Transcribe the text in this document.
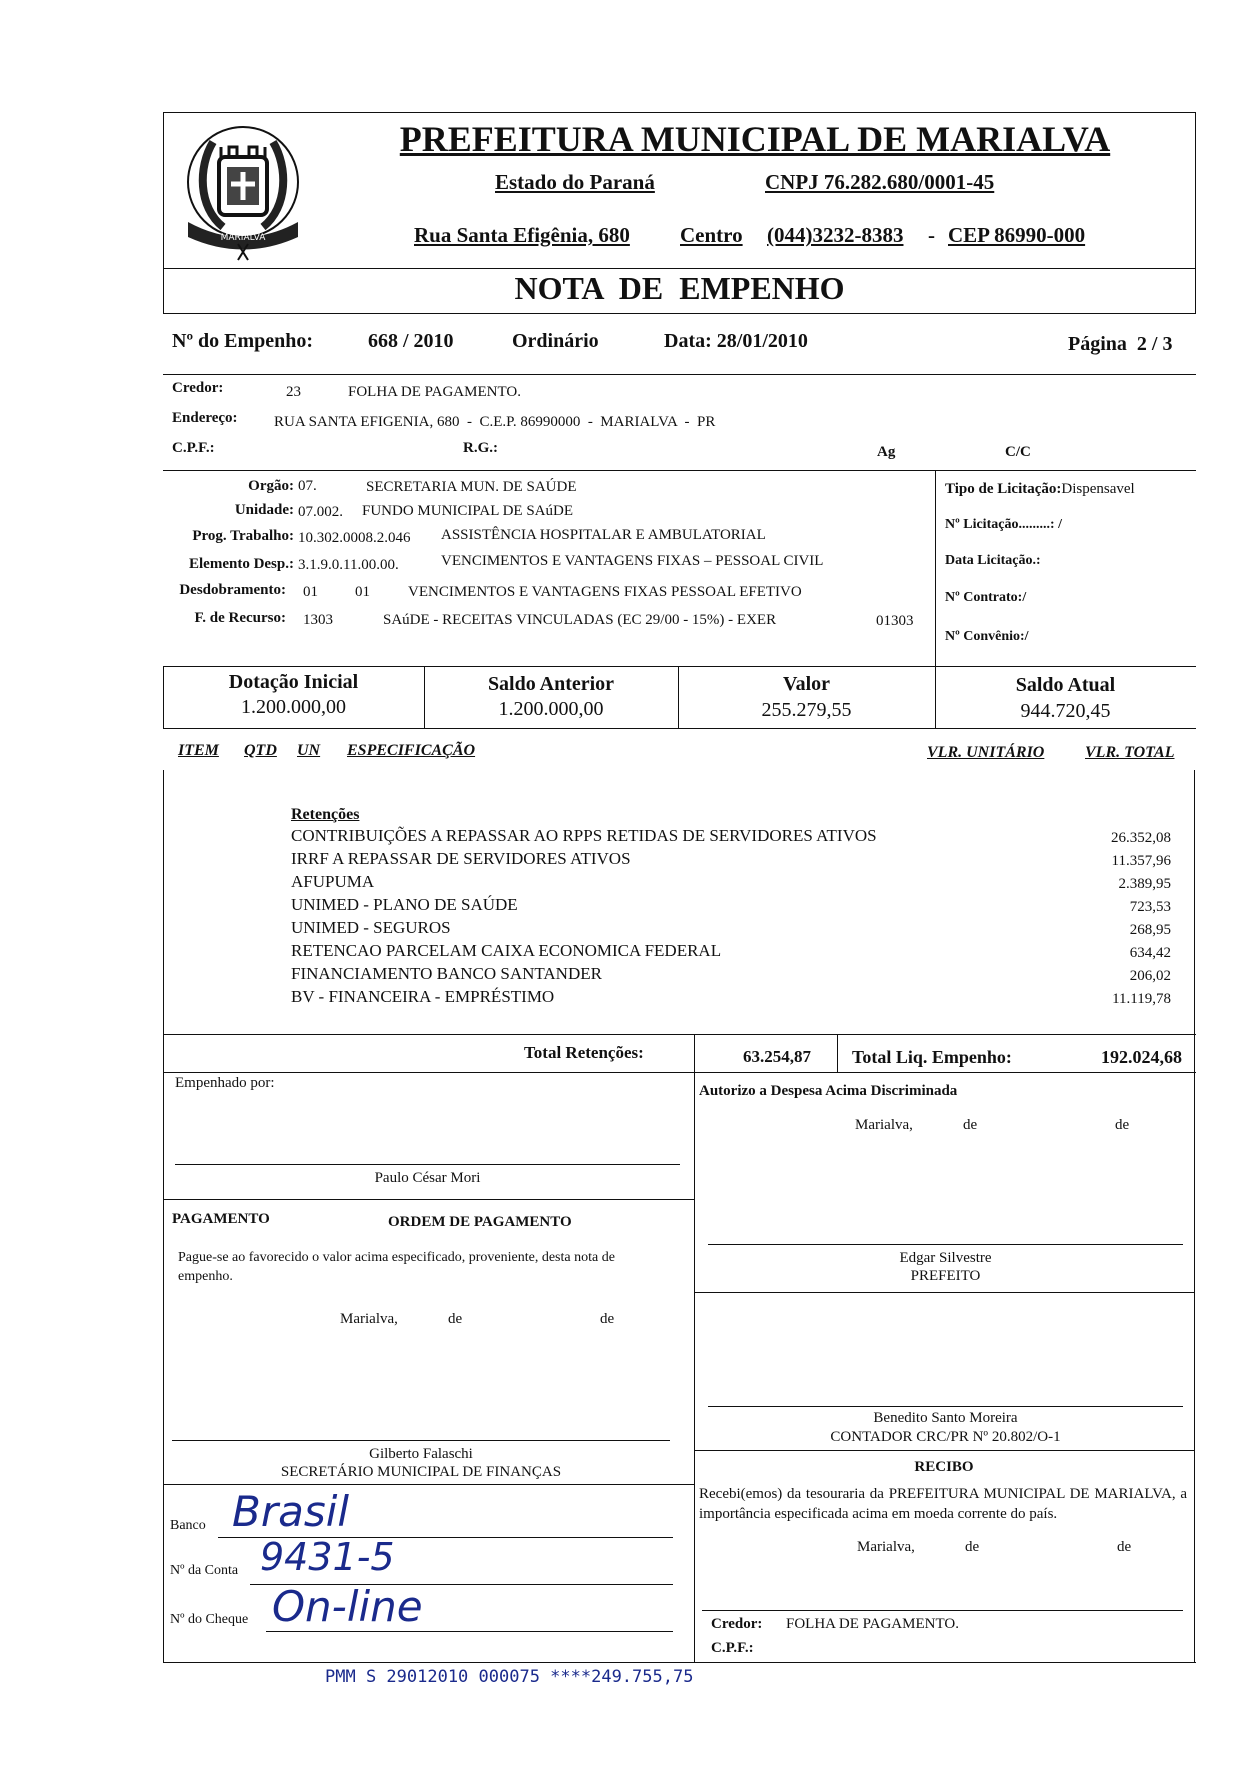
MARIALVA
PREFEITURA MUNICIPAL DE MARIALVA
Estado do Paraná	CNPJ 76.282.680/0001-45
Rua Santa Efigênia, 680 Centro (044)3232-8383 - CEP 86990-000
NOTA  DE  EMPENHO
Nº do Empenho:	668 / 2010	Ordinário	Data: 28/01/2010	Página  2 / 3
Credor:	23	FOLHA DE PAGAMENTO.
Endereço: RUA SANTA EFIGENIA, 680  -  C.E.P. 86990000  -  MARIALVA  -  PR
C.P.F.:	R.G.:	Ag	C/C
Orgão: 07.	SECRETARIA MUN. DE SAÚDE
Unidade: 07.002. FUNDO MUNICIPAL DE SAúDE
Prog. Trabalho: 10.302.0008.2.046 ASSISTÊNCIA HOSPITALAR E AMBULATORIAL
Elemento Desp.: 3.1.9.0.11.00.00.	VENCIMENTOS E VANTAGENS FIXAS – PESSOAL CIVIL
Desdobramento: 01 01	VENCIMENTOS E VANTAGENS FIXAS PESSOAL EFETIVO
F. de Recurso: 1303	SAúDE - RECEITAS VINCULADAS (EC 29/00 - 15%) - EXER	01303
Tipo de Licitação:Dispensavel
Nº Licitação.........: /
Data Licitação.:
Nº Contrato:/
Nº Convênio:/
Dotação Inicial
1.200.000,00
Saldo Anterior
1.200.000,00
Valor
255.279,55
Saldo Atual
944.720,45
ITEM QTD UN ESPECIFICAÇÃO	VLR. UNITÁRIO	VLR. TOTAL
Retenções
CONTRIBUIÇÕES A REPASSAR AO RPPS RETIDAS DE SERVIDORES ATIVOS	26.352,08
IRRF A REPASSAR DE SERVIDORES ATIVOS	11.357,96
AFUPUMA	2.389,95
UNIMED - PLANO DE SAÚDE	723,53
UNIMED - SEGUROS	268,95
RETENCAO PARCELAM CAIXA ECONOMICA FEDERAL	634,42
FINANCIAMENTO BANCO SANTANDER	206,02
BV - FINANCEIRA - EMPRÉSTIMO	11.119,78
Total Retenções:	63.254,87 Total Liq. Empenho:	192.024,68
Empenhado por:
Paulo César Mori
PAGAMENTO	ORDEM DE PAGAMENTO
Pague-se ao favorecido o valor acima especificado, proveniente, desta nota de empenho.
Marialva,	de	de
Gilberto Falaschi
SECRETÁRIO MUNICIPAL DE FINANÇAS
Banco Brasil
Nº da Conta 9431-5
Nº do Cheque On-line
Autorizo a Despesa Acima Discriminada
Marialva,	de	de
Edgar Silvestre
PREFEITO
Benedito Santo Moreira
CONTADOR CRC/PR Nº 20.802/O-1
RECIBO
Recebi(emos) da tesouraria da PREFEITURA MUNICIPAL DE MARIALVA, a importância especificada acima em moeda corrente do país.
Marialva,	de	de
Credor: FOLHA DE PAGAMENTO.
C.P.F.:
PMM S 29012010 000075 ****249.755,75
